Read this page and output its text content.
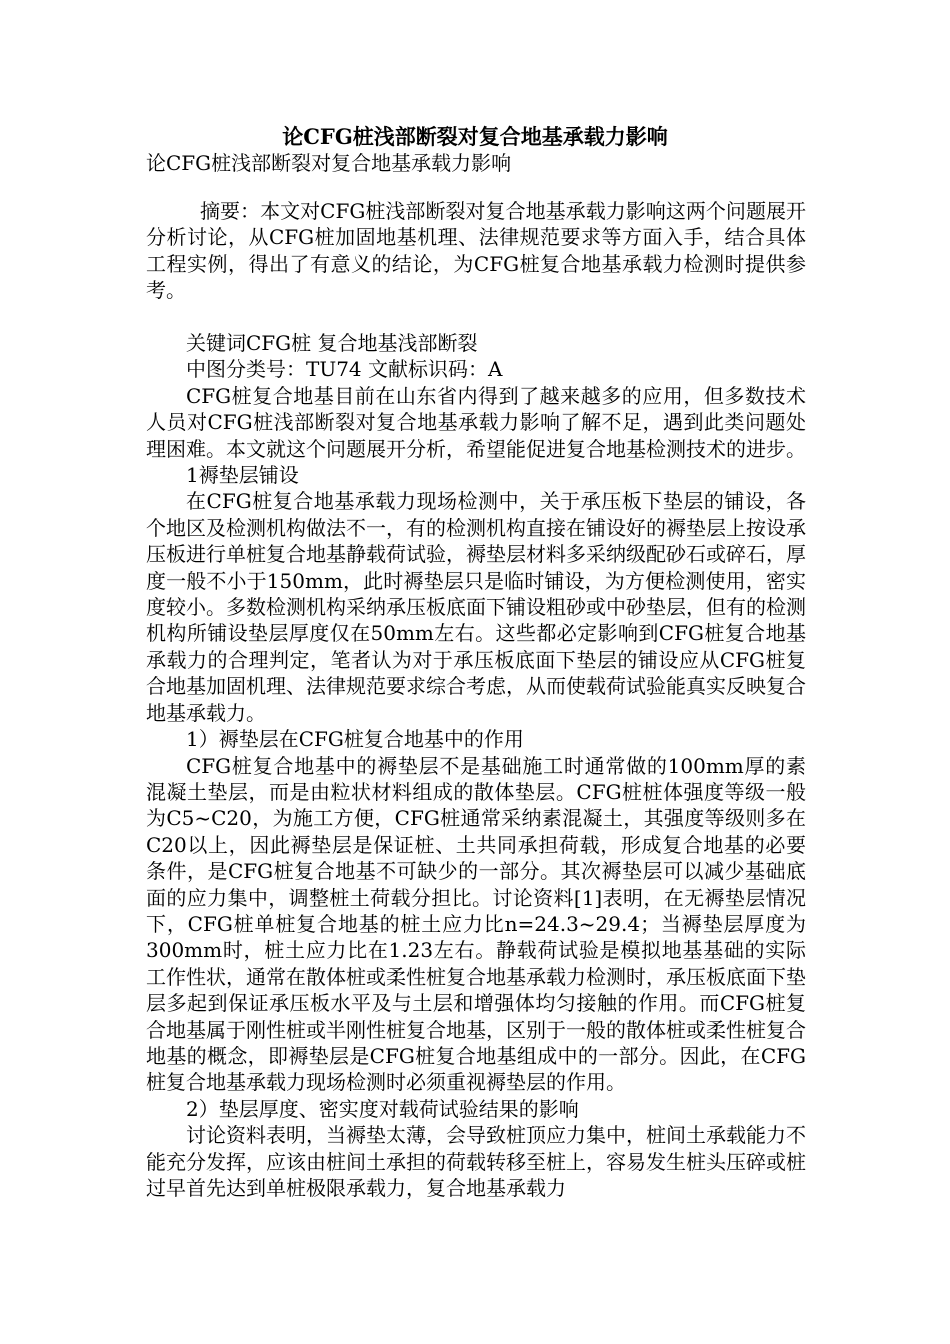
论CFG桩浅部断裂对复合地基承载力影响
论CFG桩浅部断裂对复合地基承载力影响

摘要：本文对CFG桩浅部断裂对复合地基承载力影响这两个问题展开分析讨论，从CFG桩加固地基机理、法律规范要求等方面入手，结合具体工程实例，得出了有意义的结论，为CFG桩复合地基承载力检测时提供参考。

关键词CFG桩 复合地基浅部断裂

中图分类号：TU74 文献标识码：A

CFG桩复合地基目前在山东省内得到了越来越多的应用，但多数技术人员对CFG桩浅部断裂对复合地基承载力影响了解不足，遇到此类问题处理困难。本文就这个问题展开分析，希望能促进复合地基检测技术的进步。

1褥垫层铺设

在CFG桩复合地基承载力现场检测中，关于承压板下垫层的铺设，各个地区及检测机构做法不一，有的检测机构直接在铺设好的褥垫层上按设承压板进行单桩复合地基静载荷试验，褥垫层材料多采纳级配砂石或碎石，厚度一般不小于150mm，此时褥垫层只是临时铺设，为方便检测使用，密实度较小。多数检测机构采纳承压板底面下铺设粗砂或中砂垫层，但有的检测机构所铺设垫层厚度仅在50mm左右。这些都必定影响到CFG桩复合地基承载力的合理判定，笔者认为对于承压板底面下垫层的铺设应从CFG桩复合地基加固机理、法律规范要求综合考虑，从而使载荷试验能真实反映复合地基承载力。

1）褥垫层在CFG桩复合地基中的作用

CFG桩复合地基中的褥垫层不是基础施工时通常做的100mm厚的素混凝土垫层，而是由粒状材料组成的散体垫层。CFG桩桩体强度等级一般为C5~C20，为施工方便，CFG桩通常采纳素混凝土，其强度等级则多在C20以上，因此褥垫层是保证桩、土共同承担荷载，形成复合地基的必要条件，是CFG桩复合地基不可缺少的一部分。其次褥垫层可以减少基础底面的应力集中，调整桩土荷载分担比。讨论资料[1]表明，在无褥垫层情况下，CFG桩单桩复合地基的桩土应力比n=24.3~29.4；当褥垫层厚度为300mm时，桩土应力比在1.23左右。静载荷试验是模拟地基基础的实际工作性状，通常在散体桩或柔性桩复合地基承载力检测时，承压板底面下垫层多起到保证承压板水平及与土层和增强体均匀接触的作用。而CFG桩复合地基属于刚性桩或半刚性桩复合地基，区别于一般的散体桩或柔性桩复合地基的概念，即褥垫层是CFG桩复合地基组成中的一部分。因此，在CFG桩复合地基承载力现场检测时必须重视褥垫层的作用。

2）垫层厚度、密实度对载荷试验结果的影响

讨论资料表明，当褥垫太薄，会导致桩顶应力集中，桩间土承载能力不能充分发挥，应该由桩间土承担的荷载转移至桩上，容易发生桩头压碎或桩过早首先达到单桩极限承载力，复合地基承载力
